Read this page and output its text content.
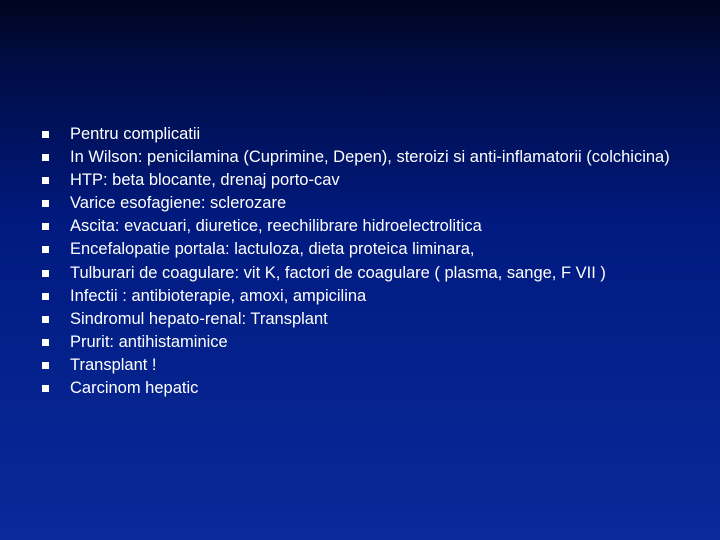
Pentru complicatii
In Wilson: penicilamina (Cuprimine, Depen), steroizi si anti-inflamatorii (colchicina)
HTP: beta blocante, drenaj porto-cav
Varice esofagiene: sclerozare
Ascita: evacuari, diuretice, reechilibrare hidroelectrolitica
Encefalopatie portala: lactuloza, dieta proteica liminara,
Tulburari de coagulare: vit K, factori de coagulare ( plasma, sange, F VII )
Infectii : antibioterapie, amoxi, ampicilina
Sindromul hepato-renal: Transplant
Prurit: antihistaminice
Transplant !
Carcinom hepatic
